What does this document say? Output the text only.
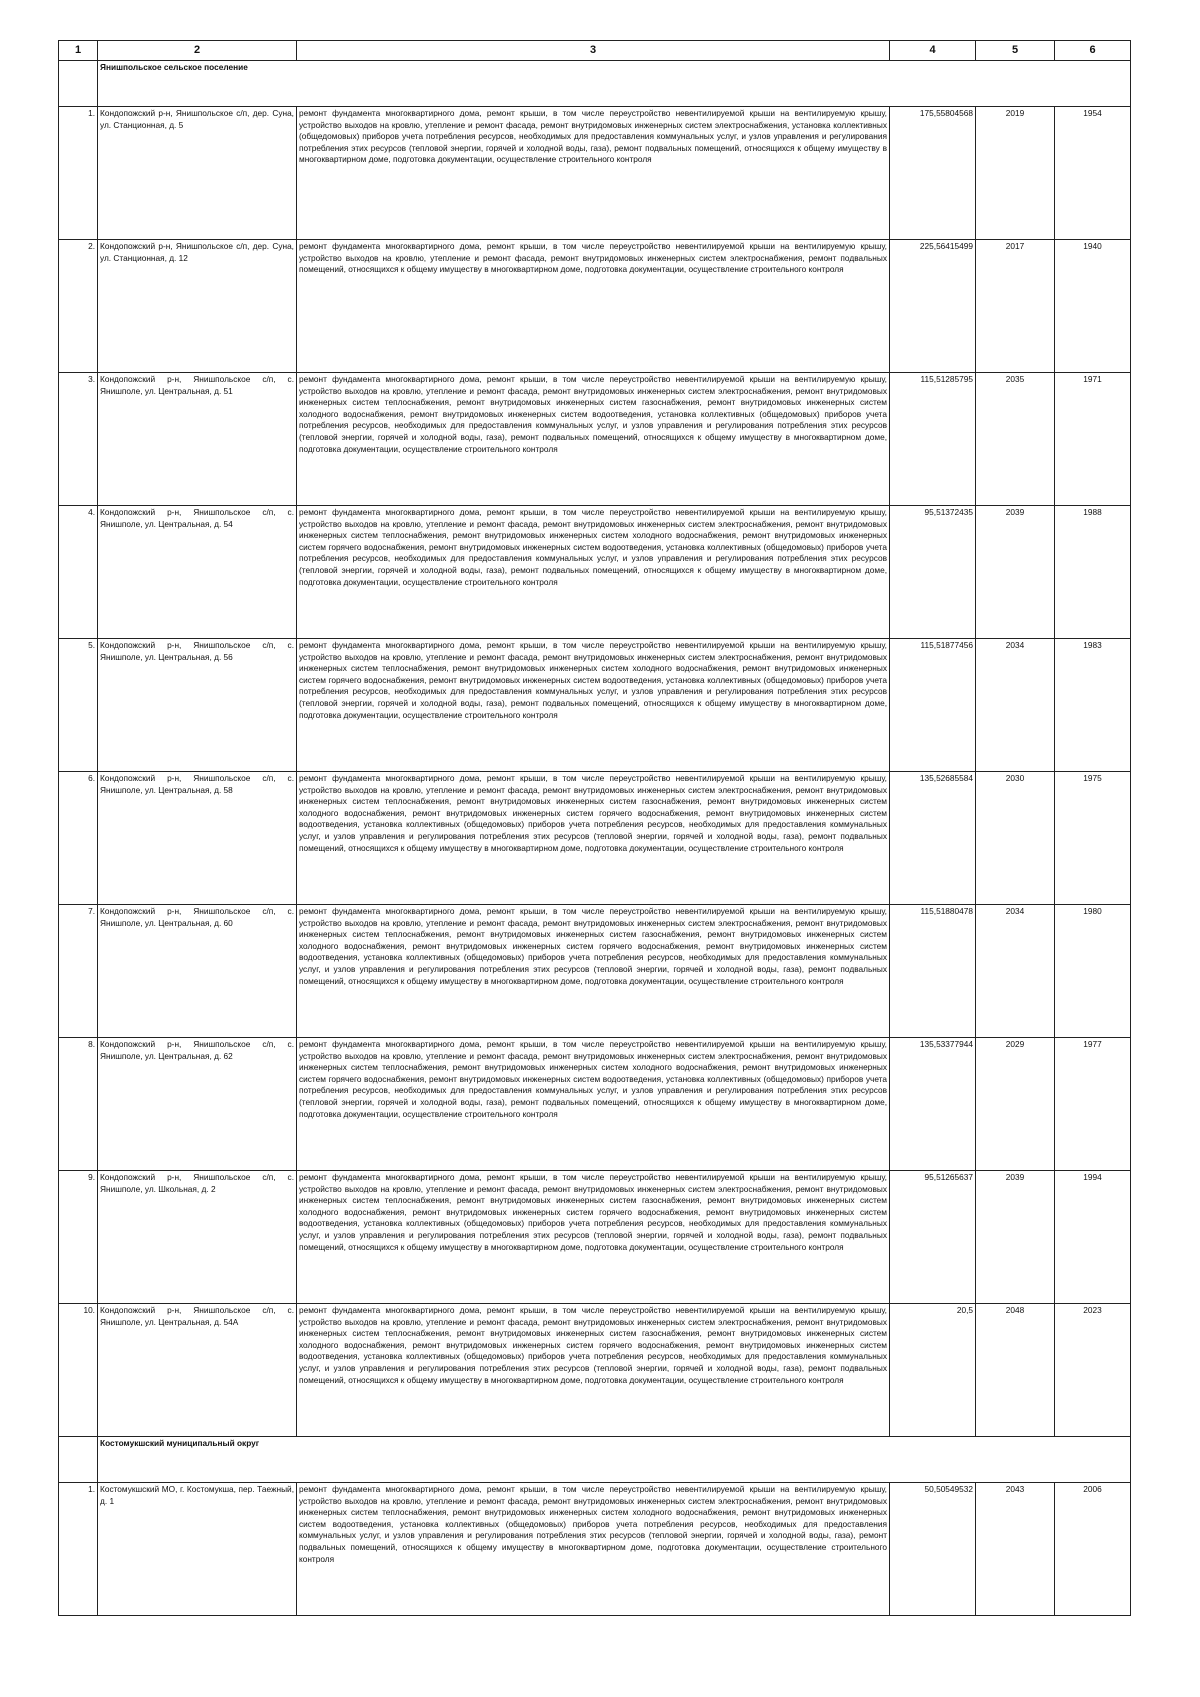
1	2	3	4	5	6
	Янишпольское сельское поселение				
1.	Кондопожский р-н, Янишпольское с/п, дер. Суна, ул. Станционная, д. 5	ремонт фундамента многоквартирного дома, ремонт крыши, в том числе переустройство невентилируемой крыши на вентилируемую крышу, устройство выходов на кровлю, утепление и ремонт фасада, ремонт внутридомовых инженерных систем электроснабжения, установка коллективных (общедомовых) приборов учета потребления ресурсов, необходимых для предоставления коммунальных услуг, и узлов управления и регулирования потребления этих ресурсов (тепловой энергии, горячей и холодной воды, газа), ремонт подвальных помещений, относящихся к общему имуществу в многоквартирном доме, подготовка документации, осуществление строительного контроля	175,55804568	2019	1954
2.	Кондопожский р-н, Янишпольское с/п, дер. Суна, ул. Станционная, д. 12	ремонт фундамента многоквартирного дома, ремонт крыши, в том числе переустройство невентилируемой крыши на вентилируемую крышу, устройство выходов на кровлю, утепление и ремонт фасада, ремонт внутридомовых инженерных систем электроснабжения, ремонт подвальных помещений, относящихся к общему имуществу в многоквартирном доме, подготовка документации, осуществление строительного контроля	225,56415499	2017	1940
3.	Кондопожский р-н, Янишпольское с/п, с. Янишполе, ул. Центральная, д. 51	ремонт фундамента многоквартирного дома, ремонт крыши, в том числе переустройство невентилируемой крыши на вентилируемую крышу, устройство выходов на кровлю, утепление и ремонт фасада, ремонт внутридомовых инженерных систем электроснабжения, ремонт внутридомовых инженерных систем теплоснабжения, ремонт внутридомовых инженерных систем газоснабжения, ремонт внутридомовых инженерных систем холодного водоснабжения, ремонт внутридомовых инженерных систем водоотведения, установка коллективных (общедомовых) приборов учета потребления ресурсов, необходимых для предоставления коммунальных услуг, и узлов управления и регулирования потребления этих ресурсов (тепловой энергии, горячей и холодной воды, газа), ремонт подвальных помещений, относящихся к общему имуществу в многоквартирном доме, подготовка документации, осуществление строительного контроля	115,51285795	2035	1971
4.	Кондопожский р-н, Янишпольское с/п, с. Янишполе, ул. Центральная, д. 54	ремонт фундамента многоквартирного дома, ремонт крыши, в том числе переустройство невентилируемой крыши на вентилируемую крышу, устройство выходов на кровлю, утепление и ремонт фасада, ремонт внутридомовых инженерных систем электроснабжения, ремонт внутридомовых инженерных систем теплоснабжения, ремонт внутридомовых инженерных систем холодного водоснабжения, ремонт внутридомовых инженерных систем горячего водоснабжения, ремонт внутридомовых инженерных систем водоотведения, установка коллективных (общедомовых) приборов учета потребления ресурсов, необходимых для предоставления коммунальных услуг, и узлов управления и регулирования потребления этих ресурсов (тепловой энергии, горячей и холодной воды, газа), ремонт подвальных помещений, относящихся к общему имуществу в многоквартирном доме, подготовка документации, осуществление строительного контроля	95,51372435	2039	1988
5.	Кондопожский р-н, Янишпольское с/п, с. Янишполе, ул. Центральная, д. 56	ремонт фундамента многоквартирного дома, ремонт крыши, в том числе переустройство невентилируемой крыши на вентилируемую крышу, устройство выходов на кровлю, утепление и ремонт фасада, ремонт внутридомовых инженерных систем электроснабжения, ремонт внутридомовых инженерных систем теплоснабжения, ремонт внутридомовых инженерных систем холодного водоснабжения, ремонт внутридомовых инженерных систем горячего водоснабжения, ремонт внутридомовых инженерных систем водоотведения, установка коллективных (общедомовых) приборов учета потребления ресурсов, необходимых для предоставления коммунальных услуг, и узлов управления и регулирования потребления этих ресурсов (тепловой энергии, горячей и холодной воды, газа), ремонт подвальных помещений, относящихся к общему имуществу в многоквартирном доме, подготовка документации, осуществление строительного контроля	115,51877456	2034	1983
6.	Кондопожский р-н, Янишпольское с/п, с. Янишполе, ул. Центральная, д. 58	ремонт фундамента многоквартирного дома, ремонт крыши, в том числе переустройство невентилируемой крыши на вентилируемую крышу, устройство выходов на кровлю, утепление и ремонт фасада, ремонт внутридомовых инженерных систем электроснабжения, ремонт внутридомовых инженерных систем теплоснабжения, ремонт внутридомовых инженерных систем газоснабжения, ремонт внутридомовых инженерных систем холодного водоснабжения, ремонт внутридомовых инженерных систем горячего водоснабжения, ремонт внутридомовых инженерных систем водоотведения, установка коллективных (общедомовых) приборов учета потребления ресурсов, необходимых для предоставления коммунальных услуг, и узлов управления и регулирования потребления этих ресурсов (тепловой энергии, горячей и холодной воды, газа), ремонт подвальных помещений, относящихся к общему имуществу в многоквартирном доме, подготовка документации, осуществление строительного контроля	135,52685584	2030	1975
7.	Кондопожский р-н, Янишпольское с/п, с. Янишполе, ул. Центральная, д. 60	ремонт фундамента многоквартирного дома, ремонт крыши, в том числе переустройство невентилируемой крыши на вентилируемую крышу, устройство выходов на кровлю, утепление и ремонт фасада, ремонт внутридомовых инженерных систем электроснабжения, ремонт внутридомовых инженерных систем теплоснабжения, ремонт внутридомовых инженерных систем газоснабжения, ремонт внутридомовых инженерных систем холодного водоснабжения, ремонт внутридомовых инженерных систем горячего водоснабжения, ремонт внутридомовых инженерных систем водоотведения, установка коллективных (общедомовых) приборов учета потребления ресурсов, необходимых для предоставления коммунальных услуг, и узлов управления и регулирования потребления этих ресурсов (тепловой энергии, горячей и холодной воды, газа), ремонт подвальных помещений, относящихся к общему имуществу в многоквартирном доме, подготовка документации, осуществление строительного контроля	115,51880478	2034	1980
8.	Кондопожский р-н, Янишпольское с/п, с. Янишполе, ул. Центральная, д. 62	ремонт фундамента многоквартирного дома, ремонт крыши, в том числе переустройство невентилируемой крыши на вентилируемую крышу, устройство выходов на кровлю, утепление и ремонт фасада, ремонт внутридомовых инженерных систем электроснабжения, ремонт внутридомовых инженерных систем теплоснабжения, ремонт внутридомовых инженерных систем холодного водоснабжения, ремонт внутридомовых инженерных систем горячего водоснабжения, ремонт внутридомовых инженерных систем водоотведения, установка коллективных (общедомовых) приборов учета потребления ресурсов, необходимых для предоставления коммунальных услуг, и узлов управления и регулирования потребления этих ресурсов (тепловой энергии, горячей и холодной воды, газа), ремонт подвальных помещений, относящихся к общему имуществу в многоквартирном доме, подготовка документации, осуществление строительного контроля	135,53377944	2029	1977
9.	Кондопожский р-н, Янишпольское с/п, с. Янишполе, ул. Школьная, д. 2	ремонт фундамента многоквартирного дома, ремонт крыши, в том числе переустройство невентилируемой крыши на вентилируемую крышу, устройство выходов на кровлю, утепление и ремонт фасада, ремонт внутридомовых инженерных систем электроснабжения, ремонт внутридомовых инженерных систем теплоснабжения, ремонт внутридомовых инженерных систем газоснабжения, ремонт внутридомовых инженерных систем холодного водоснабжения, ремонт внутридомовых инженерных систем горячего водоснабжения, ремонт внутридомовых инженерных систем водоотведения, установка коллективных (общедомовых) приборов учета потребления ресурсов, необходимых для предоставления коммунальных услуг, и узлов управления и регулирования потребления этих ресурсов (тепловой энергии, горячей и холодной воды, газа), ремонт подвальных помещений, относящихся к общему имуществу в многоквартирном доме, подготовка документации, осуществление строительного контроля	95,51265637	2039	1994
10.	Кондопожский р-н, Янишпольское с/п, с. Янишполе, ул. Центральная, д. 54А	ремонт фундамента многоквартирного дома, ремонт крыши, в том числе переустройство невентилируемой крыши на вентилируемую крышу, устройство выходов на кровлю, утепление и ремонт фасада, ремонт внутридомовых инженерных систем электроснабжения, ремонт внутридомовых инженерных систем теплоснабжения, ремонт внутридомовых инженерных систем газоснабжения, ремонт внутридомовых инженерных систем холодного водоснабжения, ремонт внутридомовых инженерных систем горячего водоснабжения, ремонт внутридомовых инженерных систем водоотведения, установка коллективных (общедомовых) приборов учета потребления ресурсов, необходимых для предоставления коммунальных услуг, и узлов управления и регулирования потребления этих ресурсов (тепловой энергии, горячей и холодной воды, газа), ремонт подвальных помещений, относящихся к общему имуществу в многоквартирном доме, подготовка документации, осуществление строительного контроля	20,5	2048	2023
	Костомукшский муниципальный округ				
1.	Костомукшский МО, г. Костомукша, пер. Таежный, д. 1	ремонт фундамента многоквартирного дома, ремонт крыши, в том числе переустройство невентилируемой крыши на вентилируемую крышу, устройство выходов на кровлю, утепление и ремонт фасада, ремонт внутридомовых инженерных систем электроснабжения, ремонт внутридомовых инженерных систем теплоснабжения, ремонт внутридомовых инженерных систем холодного водоснабжения, ремонт внутридомовых инженерных систем водоотведения, установка коллективных (общедомовых) приборов учета потребления ресурсов, необходимых для предоставления коммунальных услуг, и узлов управления и регулирования потребления этих ресурсов (тепловой энергии, горячей и холодной воды, газа), ремонт подвальных помещений, относящихся к общему имуществу в многоквартирном доме, подготовка документации, осуществление строительного контроля	50,50549532	2043	2006
